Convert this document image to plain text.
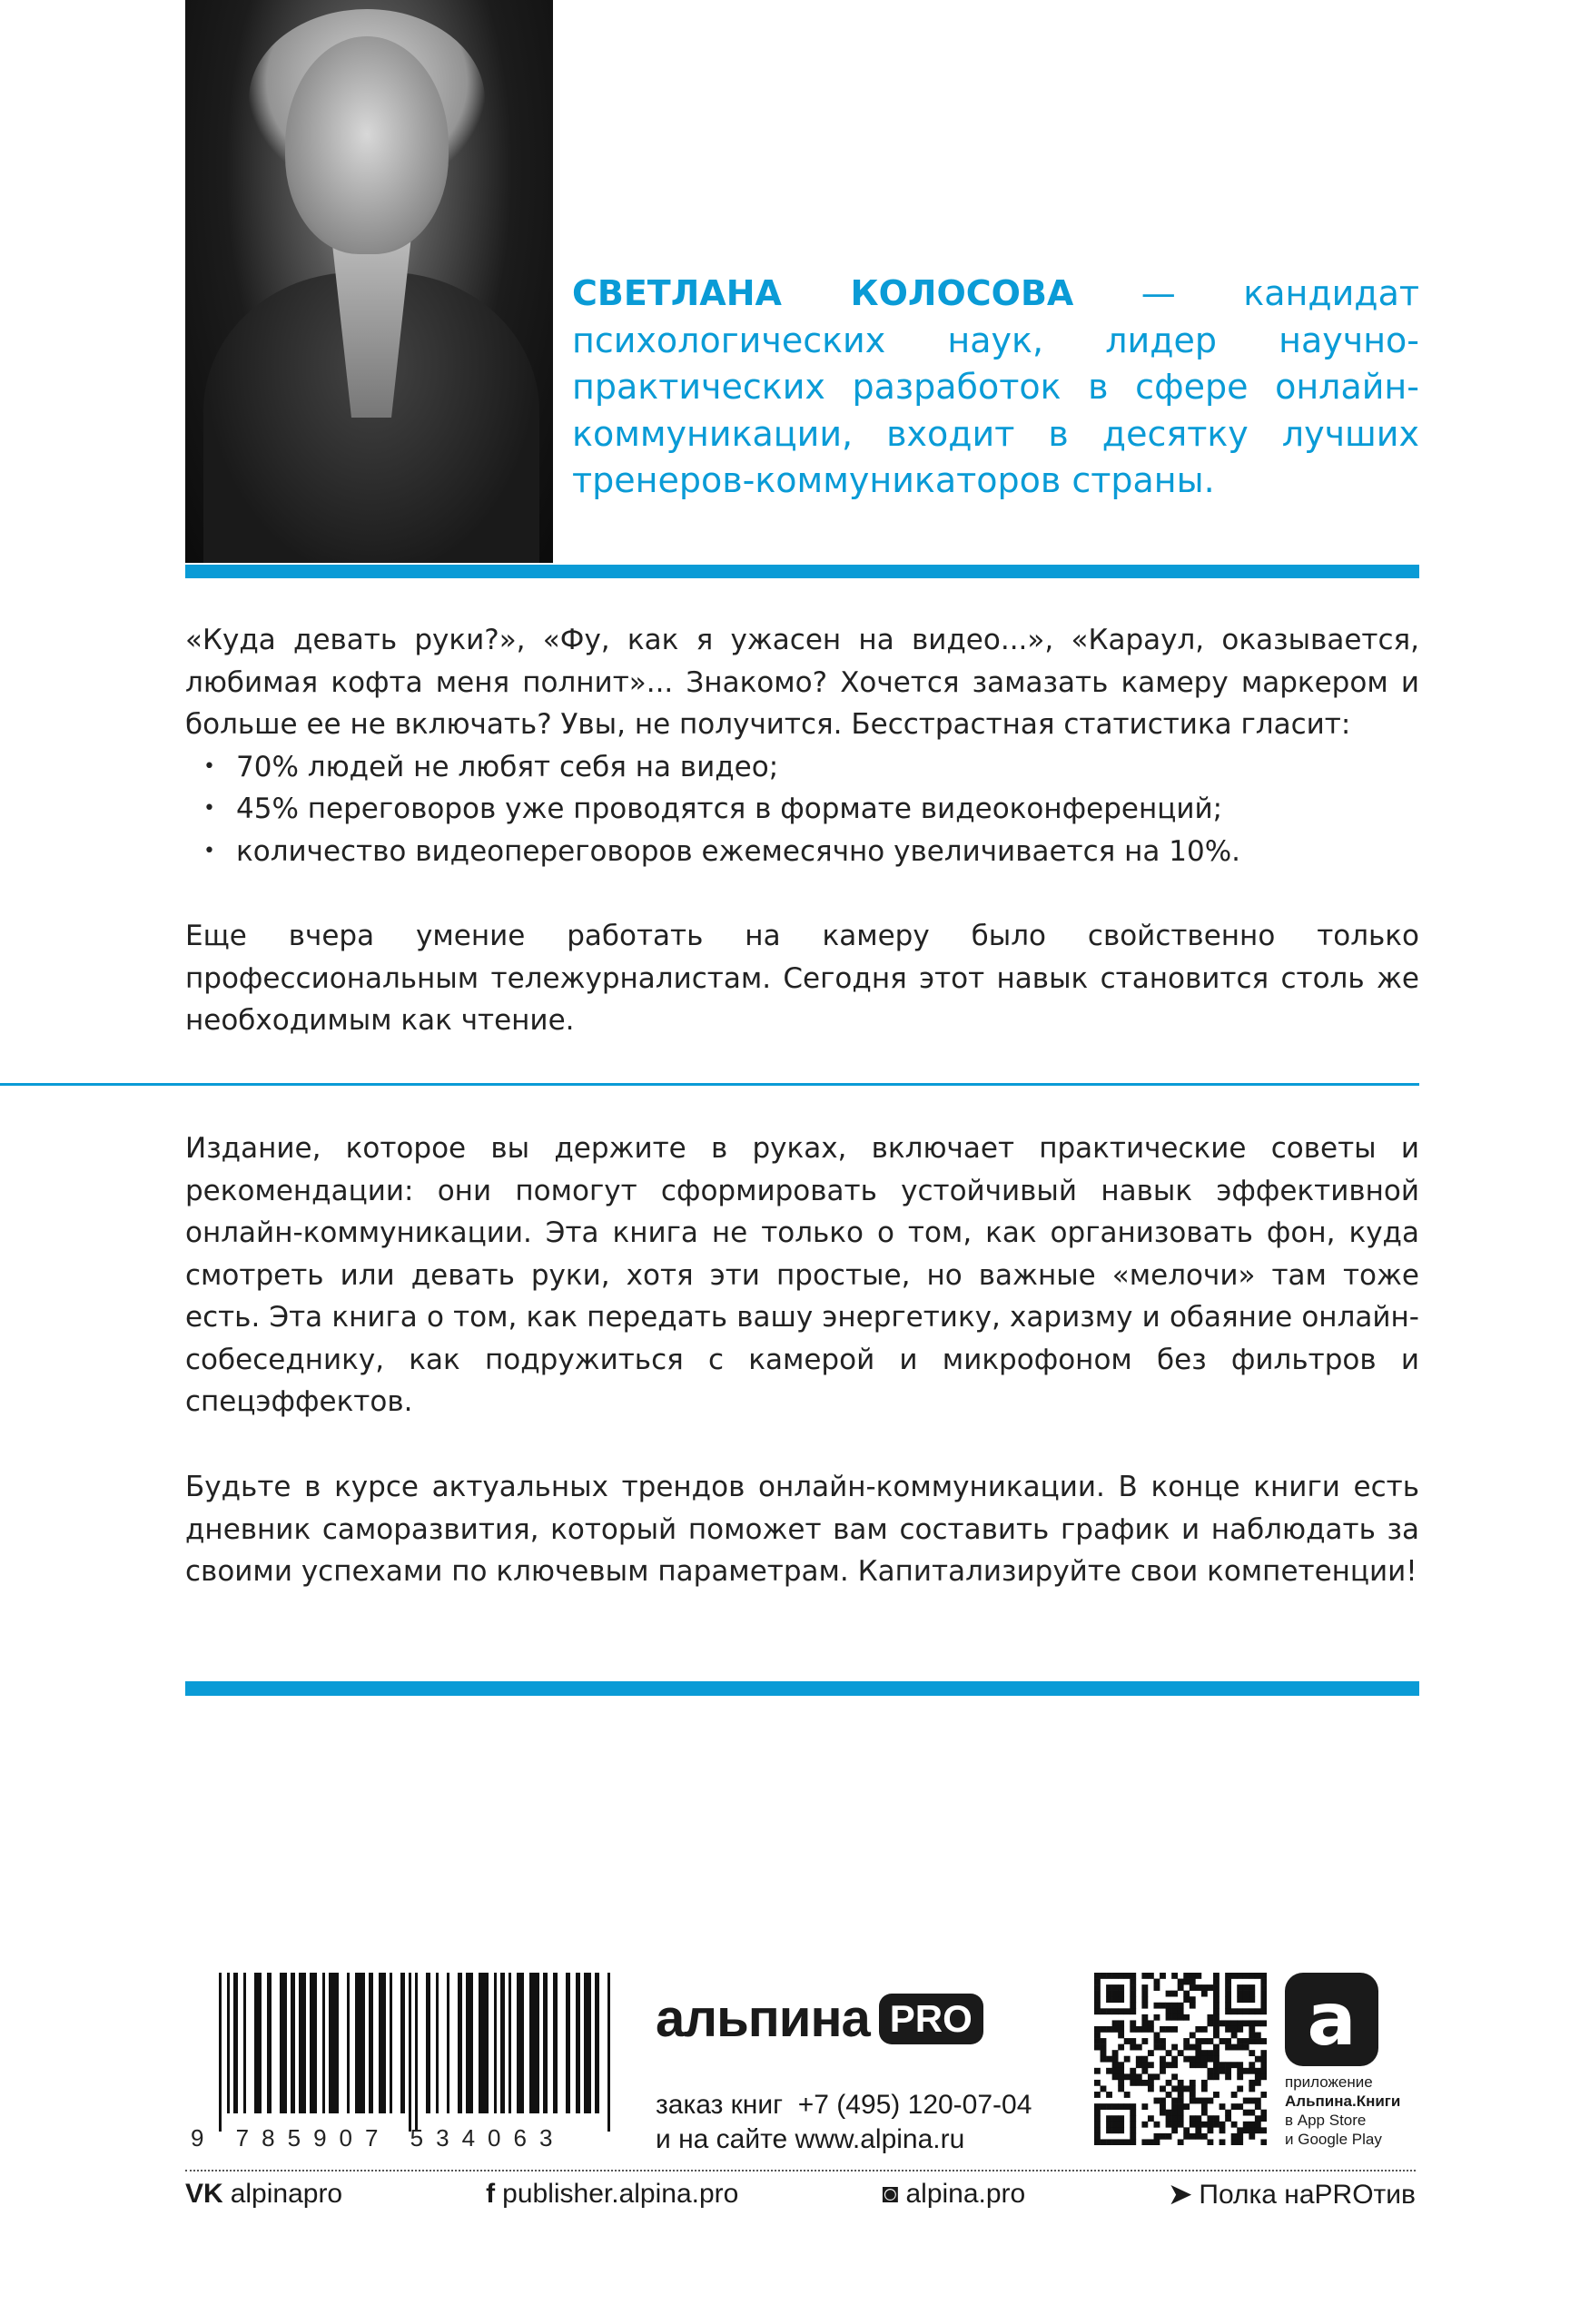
СВЕТЛАНА КОЛОСОВА — кандидат психологических наук, лидер научно-практических разработок в сфере онлайн-коммуникации, входит в десятку лучших тренеров-коммуникаторов страны.
«Куда девать руки?», «Фу, как я ужасен на видео...», «Караул, оказывается, любимая кофта меня полнит»... Знакомо? Хочется замазать камеру маркером и больше ее не включать? Увы, не получится. Бесстрастная статистика гласит:
• 70% людей не любят себя на видео;
• 45% переговоров уже проводятся в формате видеоконференций;
• количество видеопереговоров ежемесячно увеличивается на 10%.
Еще вчера умение работать на камеру было свойственно только профессиональным тележурналистам. Сегодня этот навык становится столь же необходимым как чтение.
Издание, которое вы держите в руках, включает практические советы и рекомендации: они помогут сформировать устойчивый навык эффективной онлайн-коммуникации. Эта книга не только о том, как организовать фон, куда смотреть или девать руки, хотя эти простые, но важные «мелочи» там тоже есть. Эта книга о том, как передать вашу энергетику, харизму и обаяние онлайн-собеседнику, как подружиться с камерой и микрофоном без фильтров и спецэффектов.
Будьте в курсе актуальных трендов онлайн-коммуникации. В конце книги есть дневник саморазвития, который поможет вам составить график и наблюдать за своими успехами по ключевым параметрам. Капитализируйте свои компетенции!
9 785907 534063
альпина PRO
заказ книг  +7 (495) 120-07-04
и на сайте www.alpina.ru
a
приложение
Альпина.Книги
в App Store
и Google Play
VK alpinapro	f publisher.alpina.pro	◙ alpina.pro	➤ Полка наPROтив
